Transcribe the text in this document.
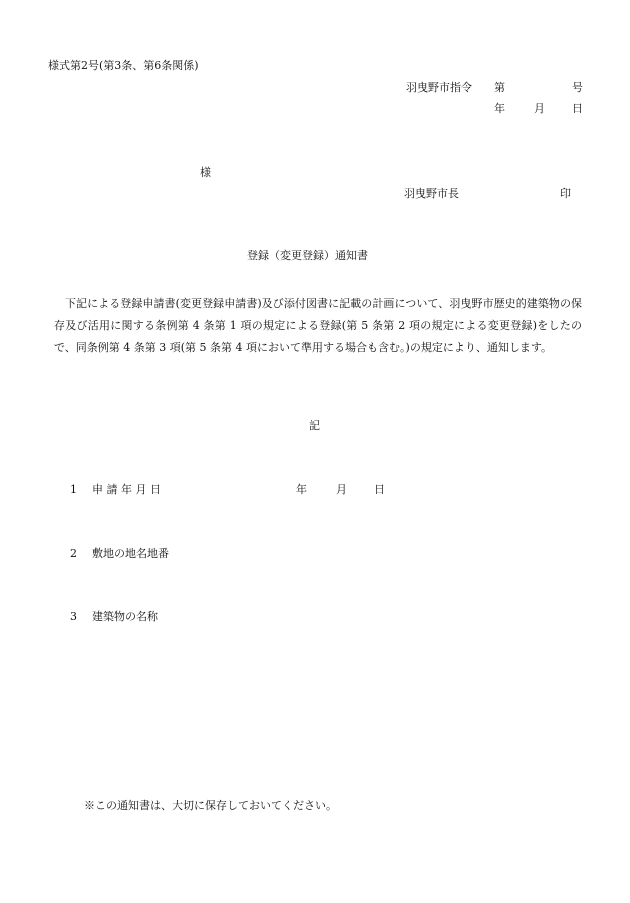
様式第2号(第3条、第6条関係)
羽曳野市指令 第	号
年	月 日
様
羽曳野市長	印
登録（変更登録）通知書

下記による登録申請書(変更登録申請書)及び添付図書に記載の計画について、羽曳野市歴史的建築物の保存及び活用に関する条例第 4 条第 1 項の規定による登録(第 5 条第 2 項の規定による変更登録)をしたので、同条例第 4 条第 3 項(第 5 条第 4 項において準用する場合も含む。)の規定により、通知します。

記
1 申 請 年 月 日	年	月 日
2 敷地の地名地番
3 建築物の名称
※この通知書は、大切に保存しておいてください。
